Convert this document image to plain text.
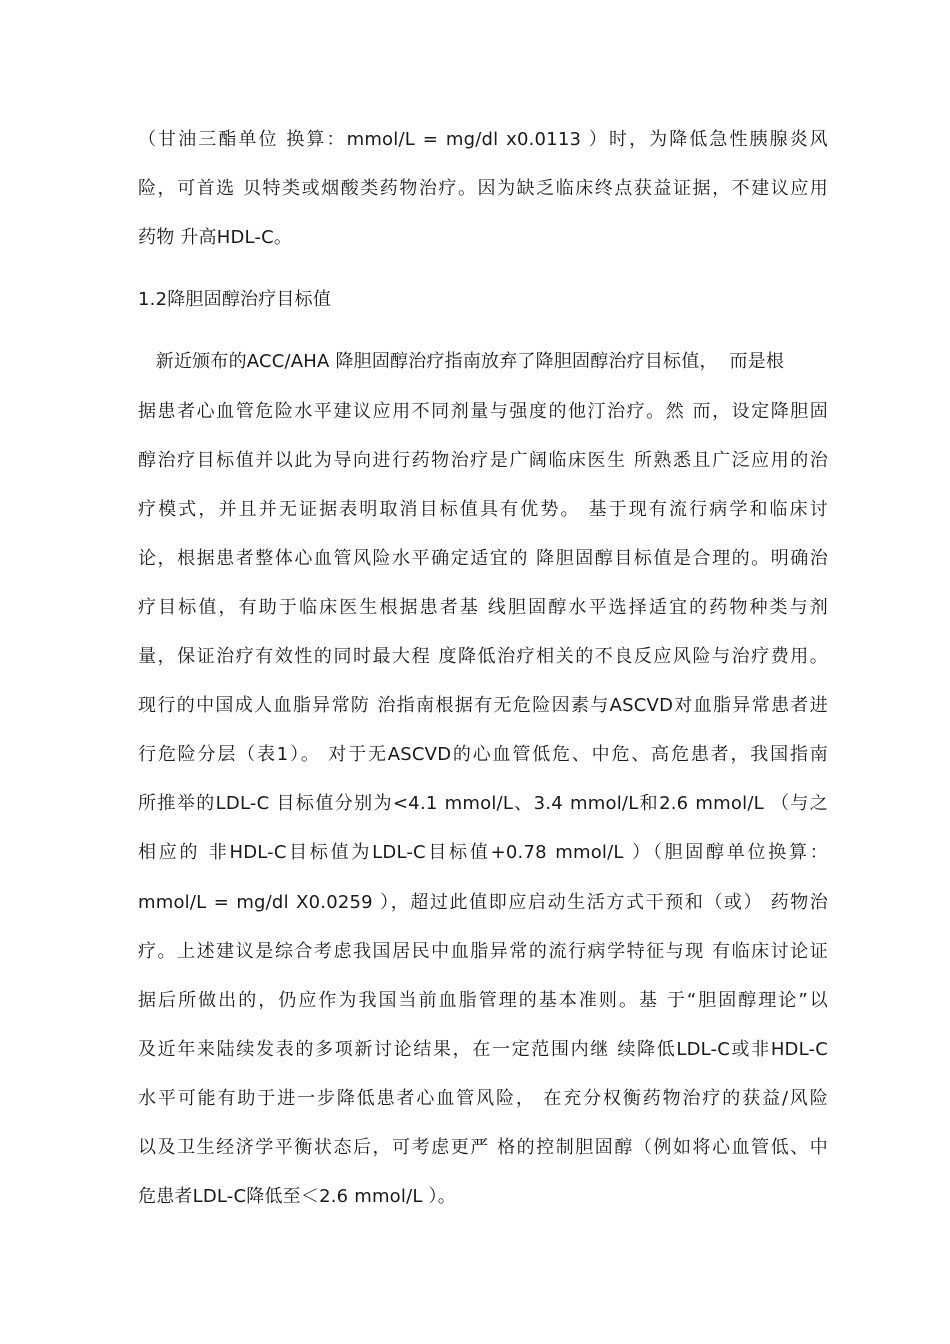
（甘油三酯单位 换算：mmol/L = mg/dl x0.0113 ）时，为降低急性胰腺炎风
险，可首选 贝特类或烟酸类药物治疗。因为缺乏临床终点获益证据，不建议应用
药物 升高HDL-C。
1.2降胆固醇治疗目标值
新近颁布的ACC/AHA 降胆固醇治疗指南放弃了降胆固醇治疗目标值，  而是根
据患者心血管危险水平建议应用不同剂量与强度的他汀治疗。然 而，设定降胆固
醇治疗目标值并以此为导向进行药物治疗是广阔临床医生 所熟悉且广泛应用的治
疗模式，并且并无证据表明取消目标值具有优势。 基于现有流行病学和临床讨
论，根据患者整体心血管风险水平确定适宜的 降胆固醇目标值是合理的。明确治
疗目标值，有助于临床医生根据患者基 线胆固醇水平选择适宜的药物种类与剂
量，保证治疗有效性的同时最大程 度降低治疗相关的不良反应风险与治疗费用。
现行的中国成人血脂异常防 治指南根据有无危险因素与ASCVD对血脂异常患者进
行危险分层（表1）。 对于无ASCVD的心血管低危、中危、高危患者，我国指南
所推举的LDL-C 目标值分别为<4.1 mmol/L、3.4 mmol/L和2.6 mmol/L （与之
相应的 非HDL-C目标值为LDL-C目标值+0.78 mmol/L ）（胆固醇单位换算：
mmol/L = mg/dl X0.0259 ），超过此值即应启动生活方式干预和（或） 药物治
疗。上述建议是综合考虑我国居民中血脂异常的流行病学特征与现 有临床讨论证
据后所做出的，仍应作为我国当前血脂管理的基本准则。基 于“胆固醇理论”以
及近年来陆续发表的多项新讨论结果，在一定范围内继 续降低LDL-C或非HDL-C
水平可能有助于进一步降低患者心血管风险， 在充分权衡药物治疗的获益/风险
以及卫生经济学平衡状态后，可考虑更严 格的控制胆固醇（例如将心血管低、中
危患者LDL-C降低至＜2.6 mmol/L ）。
